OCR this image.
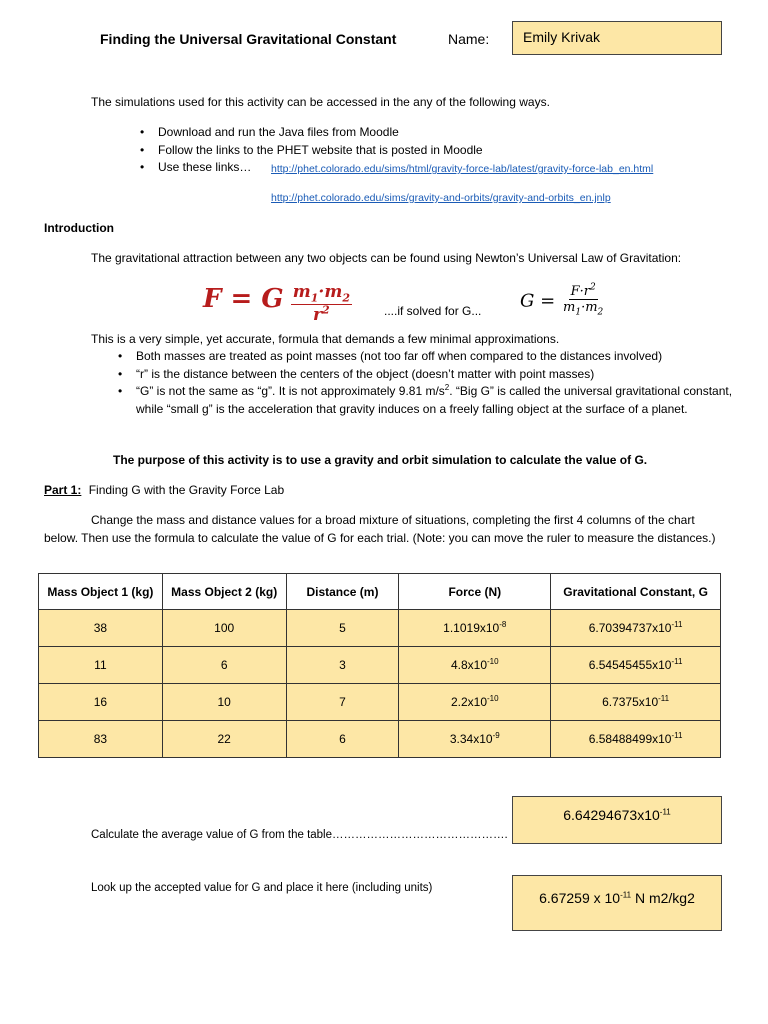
Finding the Universal Gravitational Constant	Name:	Emily Krivak
The simulations used for this activity can be accessed in the any of the following ways.
• Download and run the Java files from Moodle
• Follow the links to the PHET website that is posted in Moodle
• Use these links…	http://phet.colorado.edu/sims/html/gravity-force-lab/latest/gravity-force-lab_en.html
http://phet.colorado.edu/sims/gravity-and-orbits/gravity-and-orbits_en.jnlp
Introduction
The gravitational attraction between any two objects can be found using Newton’s Universal Law of Gravitation:
F = G $\frac{m_1\cdot m_2}{r^2}$	....if solved for G... $G = \frac{F\cdot r^2}{m_1\cdot m_2}$
This is a very simple, yet accurate, formula that demands a few minimal approximations.
• Both masses are treated as point masses (not too far off when compared to the distances involved)
• “r” is the distance between the centers of the object (doesn’t matter with point masses)
• “G” is not the same as “g”. It is not approximately 9.81 $m/s^2$. “Big G” is called the universal gravitational constant, while “small g” is the acceleration that gravity induces on a freely falling object at the surface of a planet.
The purpose of this activity is to use a gravity and orbit simulation to calculate the value of G.
Part 1: Finding G with the Gravity Force Lab
Change the mass and distance values for a broad mixture of situations, completing the first 4 columns of the chart below. Then use the formula to calculate the value of G for each trial. (Note: you can move the ruler to measure the distances.)
Mass Object 1 (kg)	Mass Object 2 (kg)	Distance (m)	Force (N)	Gravitational Constant, G
38	100	5	$1.1019x10^{-8}$	$6.70394737x10^{-11}$
11	6	3	$4.8x10^{-10}$	$6.54545455x10^{-11}$
16	10	7	$2.2x10^{-10}$	$6.7375x10^{-11}$
83	22	6	$3.34x10^{-9}$	$6.58488499x10^{-11}$
$6.64294673x10^{-11}$
Calculate the average value of G from the table……………………………………….
6.67259 x $10^{-11}$ N m2/kg2
Look up the accepted value for G and place it here (including units)
